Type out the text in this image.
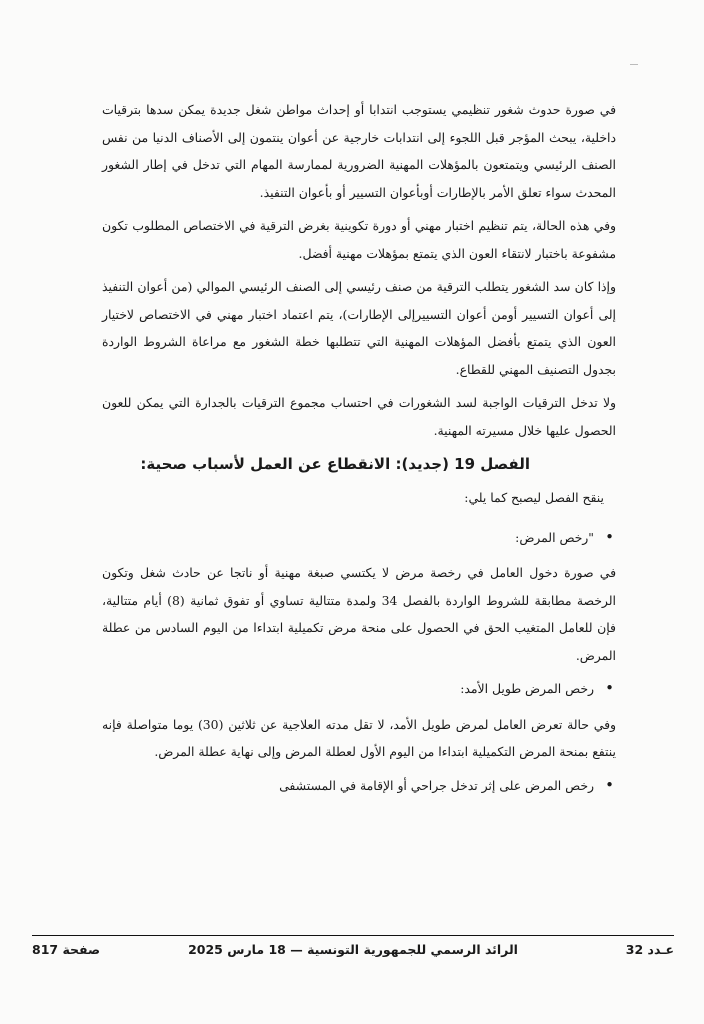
في صورة حدوث شغور تنظيمي يستوجب انتدابا أو إحداث مواطن شغل جديدة يمكن سدها بترقيات داخلية، يبحث المؤجر قبل اللجوء إلى انتدابات خارجية عن أعوان ينتمون إلى الأصناف الدنيا من نفس الصنف الرئيسي ويتمتعون بالمؤهلات المهنية الضرورية لممارسة المهام التي تدخل في إطار الشغور المحدث سواء تعلق الأمر بالإطارات أوبأعوان التسيير أو بأعوان التنفيذ.

وفي هذه الحالة، يتم تنظيم اختبار مهني أو دورة تكوينية بغرض الترقية في الاختصاص المطلوب تكون مشفوعة باختبار لانتقاء العون الذي يتمتع بمؤهلات مهنية أفضل.

وإذا كان سد الشغور يتطلب الترقية من صنف رئيسي إلى الصنف الرئيسي الموالي (من أعوان التنفيذ إلى أعوان التسيير أومن أعوان التسييرإلى الإطارات)، يتم اعتماد اختبار مهني في الاختصاص لاختيار العون الذي يتمتع بأفضل المؤهلات المهنية التي تتطلبها خطة الشغور مع مراعاة الشروط الواردة بجدول التصنيف المهني للقطاع.

ولا تدخل الترقيات الواجبة لسد الشغورات في احتساب مجموع الترقيات بالجدارة التي يمكن للعون الحصول عليها خلال مسيرته المهنية.

الفصل 19 (جديد): الانقطاع عن العمل لأسباب صحية:

ينقح الفصل ليصبح كما يلي:

• "رخص المرض:

في صورة دخول العامل في رخصة مرض لا يكتسي صبغة مهنية أو ناتجا عن حادث شغل وتكون الرخصة مطابقة للشروط الواردة بالفصل 34 ولمدة متتالية تساوي أو تفوق ثمانية (8) أيام متتالية، فإن للعامل المتغيب الحق في الحصول على منحة مرض تكميلية ابتداءا من اليوم السادس من عطلة المرض.

• رخص المرض طويل الأمد:

وفي حالة تعرض العامل لمرض طويل الأمد، لا تقل مدته العلاجية عن ثلاثين (30) يوما متواصلة فإنه ينتفع بمنحة المرض التكميلية ابتداءا من اليوم الأول لعطلة المرض وإلى نهاية عطلة المرض.

• رخص المرض على إثر تدخل جراحي أو الإقامة في المستشفى

عـدد 32
الرائد الرسمي للجمهورية التونسية — 18 مارس 2025
صفحة 817
